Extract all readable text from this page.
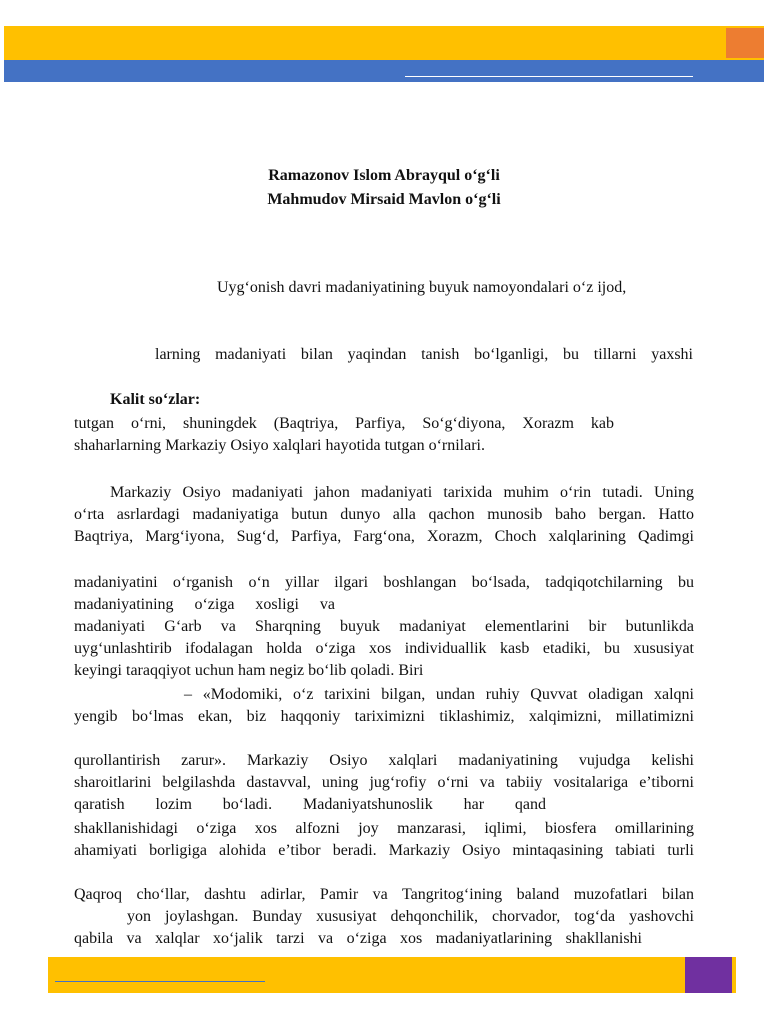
Ramazonov Islom Abrayqul o‘g‘li
Mahmudov Mirsaid Mavlon o‘g‘li
Uyg‘onish davri madaniyatining buyuk namoyondalari o‘z ijod,
larning madaniyati bilan yaqindan tanish bo‘lganligi, bu tillarni yaxshi
Kalit so‘zlar:
tutgan o‘rni, shuningdek (Baqtriya, Parfiya, So‘g‘diyona, Xorazm kab
shaharlarning Markaziy Osiyo xalqlari hayotida tutgan o‘rnilari.
Markaziy Osiyo madaniyati jahon madaniyati tarixida muhim o‘rin tutadi. Uning
o‘rta asrlardagi madaniyatiga butun dunyo alla qachon munosib baho bergan. Hatto
Baqtriya, Marg‘iyona, Sug‘d, Parfiya, Farg‘ona, Xorazm, Choch xalqlarining Qadimgi
madaniyatini o‘rganish o‘n yillar ilgari boshlangan bo‘lsada, tadqiqotchilarning bu
madaniyatining o‘ziga xosligi va
madaniyati G‘arb va Sharqning buyuk madaniyat elementlarini bir butunlikda
uyg‘unlashtirib ifodalagan holda o‘ziga xos individuallik kasb etadiki, bu xususiyat
keyingi taraqqiyot uchun ham negiz bo‘lib qoladi. Biri
– «Modomiki, o‘z tarixini bilgan, undan ruhiy Quvvat oladigan xalqni
yengib bo‘lmas ekan, biz haqqoniy tariximizni tiklashimiz, xalqimizni, millatimizni
qurollantirish zarur». Markaziy Osiyo xalqlari madaniyatining vujudga kelishi
sharoitlarini belgilashda dastavval, uning jug‘rofiy o‘rni va tabiiy vositalariga e’tiborni
qaratish lozim bo‘ladi. Madaniyatshunoslik har qand
shakllanishidagi o‘ziga xos alfozni joy manzarasi, iqlimi, biosfera omillarining
ahamiyati borligiga alohida e’tibor beradi. Markaziy Osiyo mintaqasining tabiati turli
Qaqroq cho‘llar, dashtu adirlar, Pamir va Tangritog‘ining baland muzofatlari bilan
yon joylashgan. Bunday xususiyat dehqonchilik, chorvador, tog‘da yashovchi
qabila va xalqlar xo‘jalik tarzi va o‘ziga xos madaniyatlarining shakllanishi
